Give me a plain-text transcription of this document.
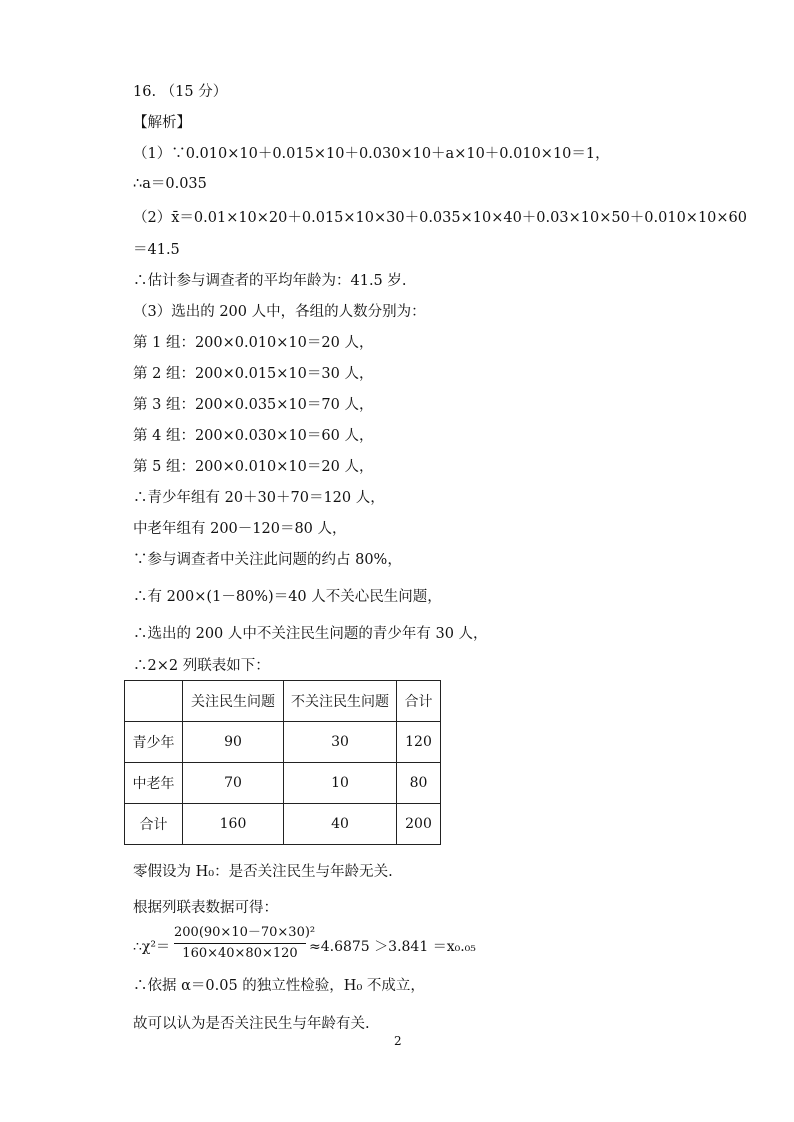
16. （15 分）
【解析】
（1）∵0.010×10＋0.015×10＋0.030×10＋a×10＋0.010×10＝1，
∴a＝0.035
（2）x̄＝0.01×10×20＋0.015×10×30＋0.035×10×40＋0.03×10×50＋0.010×10×60
＝41.5
∴估计参与调查者的平均年龄为：41.5 岁.
（3）选出的 200 人中，各组的人数分别为：
第 1 组：200×0.010×10＝20 人，
第 2 组：200×0.015×10＝30 人，
第 3 组：200×0.035×10＝70 人，
第 4 组：200×0.030×10＝60 人，
第 5 组：200×0.010×10＝20 人，
∴青少年组有 20＋30＋70＝120 人，
中老年组有 200－120＝80 人，
∵参与调查者中关注此问题的约占 80%，
∴有 200×(1－80%)＝40 人不关心民生问题，
∴选出的 200 人中不关注民生问题的青少年有 30 人，
∴2×2 列联表如下：
	关注民生问题	不关注民生问题	合计
青少年	90	30	120
中老年	70	10	80
合计	160	40	200
零假设为 H₀：是否关注民生与年龄无关.
根据列联表数据可得：
∴χ²＝
200(90×10－70×30)²
160×40×80×120 ≈4.6875 ＞3.841 ＝x₀.₀₅
∴依据 α＝0.05 的独立性检验，H₀ 不成立，
故可以认为是否关注民生与年龄有关.
2
